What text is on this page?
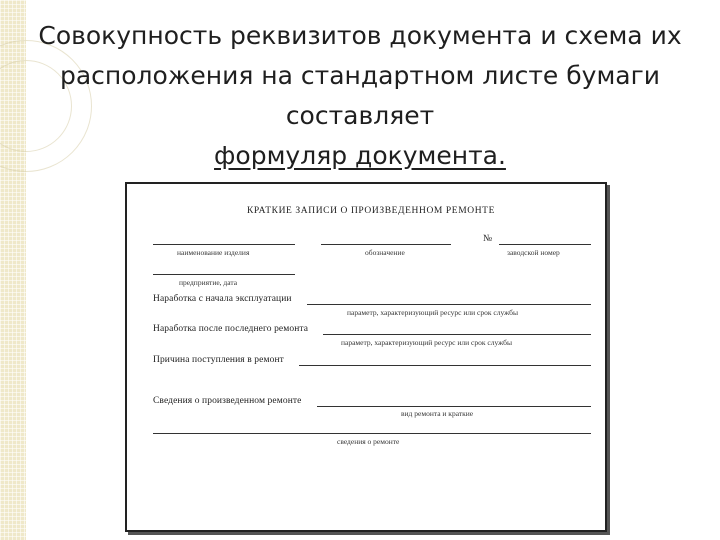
Совокупность реквизитов документа и схема их
расположения на стандартном листе бумаги
составляет
формуляр документа.
КРАТКИЕ ЗАПИСИ О ПРОИЗВЕДЕННОМ РЕМОНТЕ
наименование изделия	обозначение
№
заводской номер
предприятие, дата
Наработка с начала эксплуатации
параметр, характеризующий ресурс или срок службы
Наработка после последнего ремонта
параметр, характеризующий ресурс или срок службы
Причина поступления в ремонт
Сведения о произведенном ремонте
вид ремонта и краткие
сведения о ремонте
